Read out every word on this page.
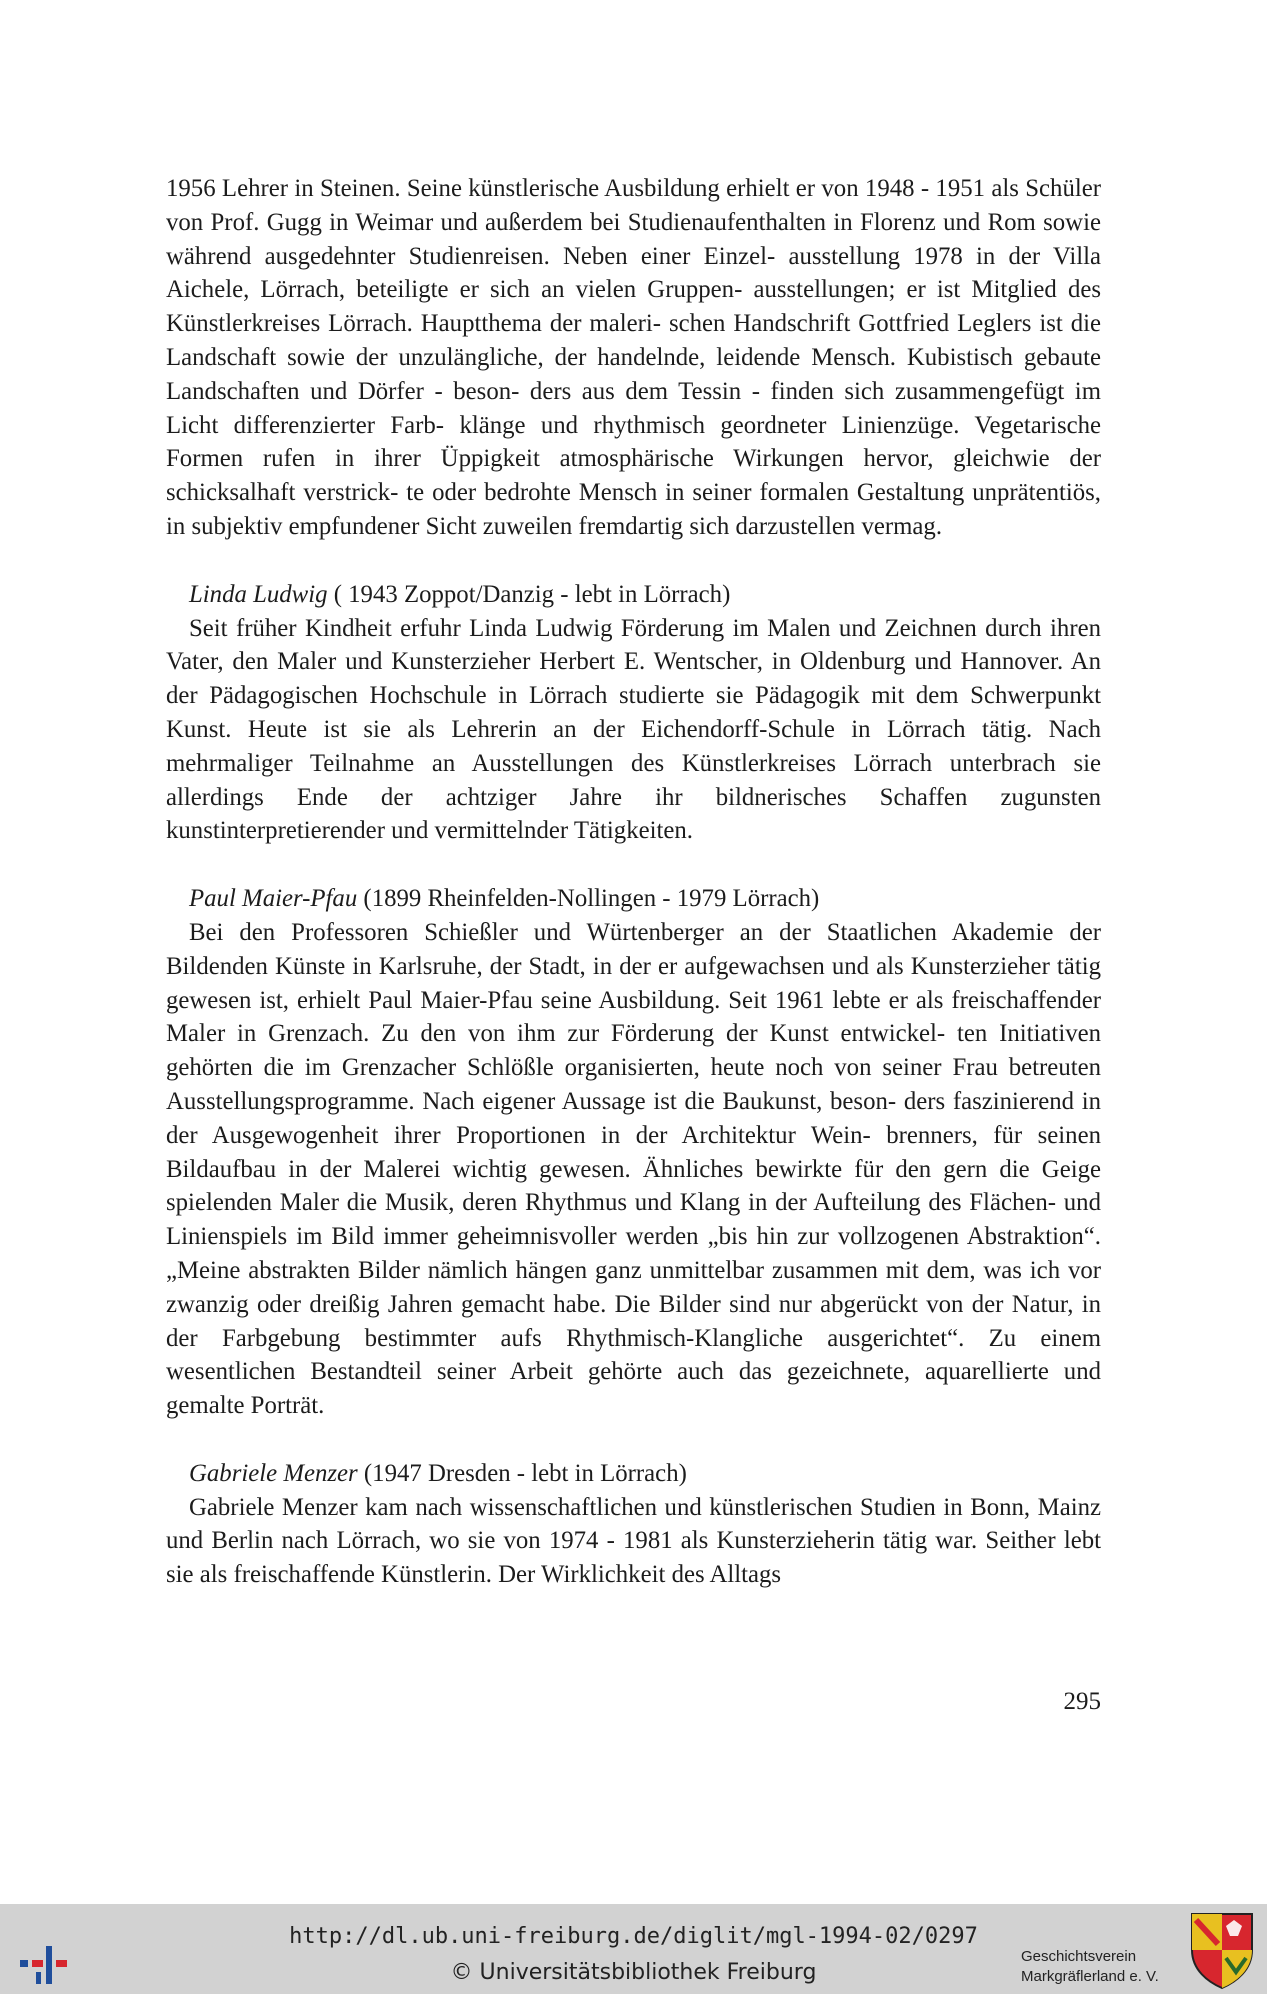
1956 Lehrer in Steinen. Seine künstlerische Ausbildung erhielt er von 1948 - 1951 als Schüler von Prof. Gugg in Weimar und außerdem bei Studienaufenthalten in Florenz und Rom sowie während ausgedehnter Studienreisen. Neben einer Einzel- ausstellung 1978 in der Villa Aichele, Lörrach, beteiligte er sich an vielen Gruppen- ausstellungen; er ist Mitglied des Künstlerkreises Lörrach. Hauptthema der maleri- schen Handschrift Gottfried Leglers ist die Landschaft sowie der unzulängliche, der handelnde, leidende Mensch. Kubistisch gebaute Landschaften und Dörfer - beson- ders aus dem Tessin - finden sich zusammengefügt im Licht differenzierter Farb- klänge und rhythmisch geordneter Linienzüge. Vegetarische Formen rufen in ihrer Üppigkeit atmosphärische Wirkungen hervor, gleichwie der schicksalhaft verstrick- te oder bedrohte Mensch in seiner formalen Gestaltung unprätentiös, in subjektiv empfundener Sicht zuweilen fremdartig sich darzustellen vermag.

Linda Ludwig ( 1943 Zoppot/Danzig - lebt in Lörrach)

Seit früher Kindheit erfuhr Linda Ludwig Förderung im Malen und Zeichnen durch ihren Vater, den Maler und Kunsterzieher Herbert E. Wentscher, in Oldenburg und Hannover. An der Pädagogischen Hochschule in Lörrach studierte sie Pädagogik mit dem Schwerpunkt Kunst. Heute ist sie als Lehrerin an der Eichendorff-Schule in Lörrach tätig. Nach mehrmaliger Teilnahme an Ausstellungen des Künstlerkreises Lörrach unterbrach sie allerdings Ende der achtziger Jahre ihr bildnerisches Schaffen zugunsten kunstinterpretierender und vermittelnder Tätigkeiten.

Paul Maier-Pfau (1899 Rheinfelden-Nollingen - 1979 Lörrach)

Bei den Professoren Schießler und Würtenberger an der Staatlichen Akademie der Bildenden Künste in Karlsruhe, der Stadt, in der er aufgewachsen und als Kunsterzieher tätig gewesen ist, erhielt Paul Maier-Pfau seine Ausbildung. Seit 1961 lebte er als freischaffender Maler in Grenzach. Zu den von ihm zur Förderung der Kunst entwickel- ten Initiativen gehörten die im Grenzacher Schlößle organisierten, heute noch von seiner Frau betreuten Ausstellungsprogramme. Nach eigener Aussage ist die Baukunst, beson- ders faszinierend in der Ausgewogenheit ihrer Proportionen in der Architektur Wein- brenners, für seinen Bildaufbau in der Malerei wichtig gewesen. Ähnliches bewirkte für den gern die Geige spielenden Maler die Musik, deren Rhythmus und Klang in der Aufteilung des Flächen- und Linienspiels im Bild immer geheimnisvoller werden „bis hin zur vollzogenen Abstraktion“. „Meine abstrakten Bilder nämlich hängen ganz unmittelbar zusammen mit dem, was ich vor zwanzig oder dreißig Jahren gemacht habe. Die Bilder sind nur abgerückt von der Natur, in der Farbgebung bestimmter aufs Rhythmisch-Klangliche ausgerichtet“. Zu einem wesentlichen Bestandteil seiner Arbeit gehörte auch das gezeichnete, aquarellierte und gemalte Porträt.

Gabriele Menzer (1947 Dresden - lebt in Lörrach)

Gabriele Menzer kam nach wissenschaftlichen und künstlerischen Studien in Bonn, Mainz und Berlin nach Lörrach, wo sie von 1974 - 1981 als Kunsterzieherin tätig war. Seither lebt sie als freischaffende Künstlerin. Der Wirklichkeit des Alltags

295
http://dl.ub.uni-freiburg.de/diglit/mgl-1994-02/0297
© Universitätsbibliothek Freiburg
Geschichtsverein
Markgräflerland e. V.
